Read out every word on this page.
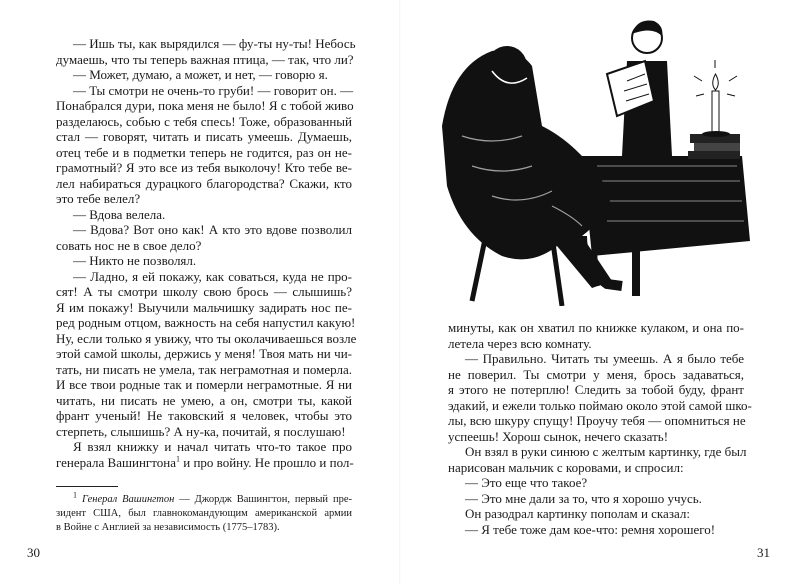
— Ишь ты, как вырядился — фу-ты ну-ты! Небось
думаешь, что ты теперь важная птица, — так, что ли?
— Может, думаю, а может, и нет, — говорю я.
— Ты смотри не очень-то груби! — говорит он. —
Понабрался дури, пока меня не было! Я с тобой живо
разделаюсь, собью с тебя спесь! Тоже, образованный
стал — говорят, читать и писать умеешь. Думаешь,
отец тебе и в подметки теперь не годится, раз он не-
грамотный? Я это все из тебя выколочу! Кто тебе ве-
лел набираться дурацкого благородства? Скажи, кто
это тебе велел?
— Вдова велела.
— Вдова? Вот оно как! А кто это вдове позволил
совать нос не в свое дело?
— Никто не позволял.
— Ладно, я ей покажу, как соваться, куда не про-
сят! А ты смотри школу свою брось — слышишь?
Я им покажу! Выучили мальчишку задирать нос пе-
ред родным отцом, важность на себя напустил какую!
Ну, если только я увижу, что ты околачиваешься возле
этой самой школы, держись у меня! Твоя мать ни чи-
тать, ни писать не умела, так неграмотная и померла.
И все твои родные так и померли неграмотные. Я ни
читать, ни писать не умею, а он, смотри ты, какой
франт ученый! Не таковский я человек, чтобы это
стерпеть, слышишь? А ну-ка, почитай, я послушаю!
Я взял книжку и начал читать что-то такое про
генерала Вашингтона$^1$ и про войну. Не прошло и пол-
$^1$ Генерал Вашингтон — Джордж Вашингтон, первый пре-
зидент США, был главнокомандующим американской армии
в Войне с Англией за независимость (1775–1783).
30
минуты, как он хватил по книжке кулаком, и она по-
летела через всю комнату.
— Правильно. Читать ты умеешь. А я было тебе
не поверил. Ты смотри у меня, брось задаваться,
я этого не потерплю! Следить за тобой буду, франт
эдакий, и ежели только поймаю около этой самой шко-
лы, всю шкуру спущу! Проучу тебя — опомниться не
успеешь! Хорош сынок, нечего сказать!
Он взял в руки синюю с желтым картинку, где был
нарисован мальчик с коровами, и спросил:
— Это еще что такое?
— Это мне дали за то, что я хорошо учусь.
Он разодрал картинку пополам и сказал:
— Я тебе тоже дам кое-что: ремня хорошего!
31
